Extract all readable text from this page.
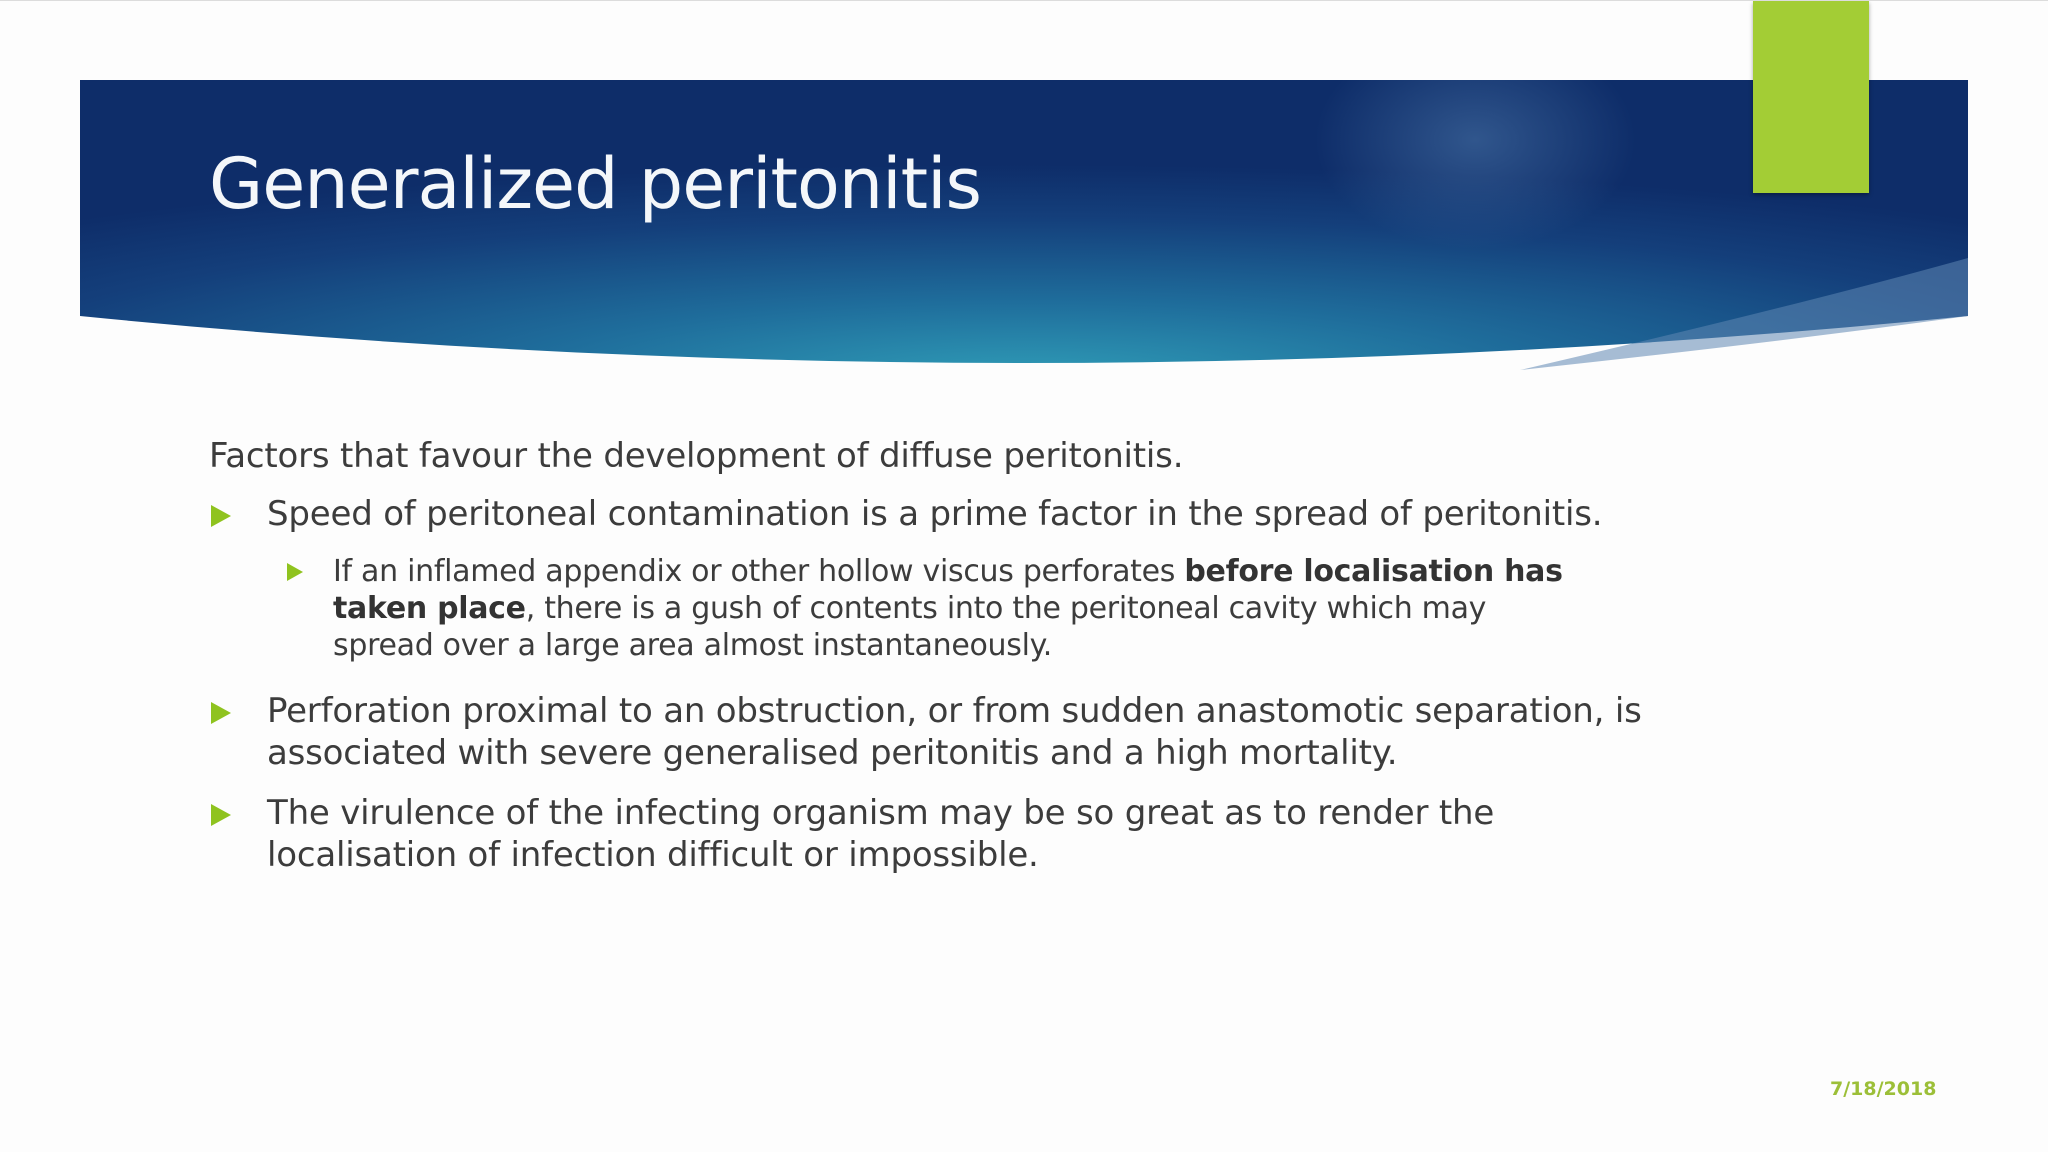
Generalized peritonitis

Factors that favour the development of diffuse peritonitis.

Speed of peritoneal contamination is a prime factor in the spread of peritonitis.
If an inflamed appendix or other hollow viscus perforates before localisation has taken place, there is a gush of contents into the peritoneal cavity which may spread over a large area almost instantaneously.
Perforation proximal to an obstruction, or from sudden anastomotic separation, is associated with severe generalised peritonitis and a high mortality.
The virulence of the infecting organism may be so great as to render the localisation of infection difficult or impossible.
7/18/2018
